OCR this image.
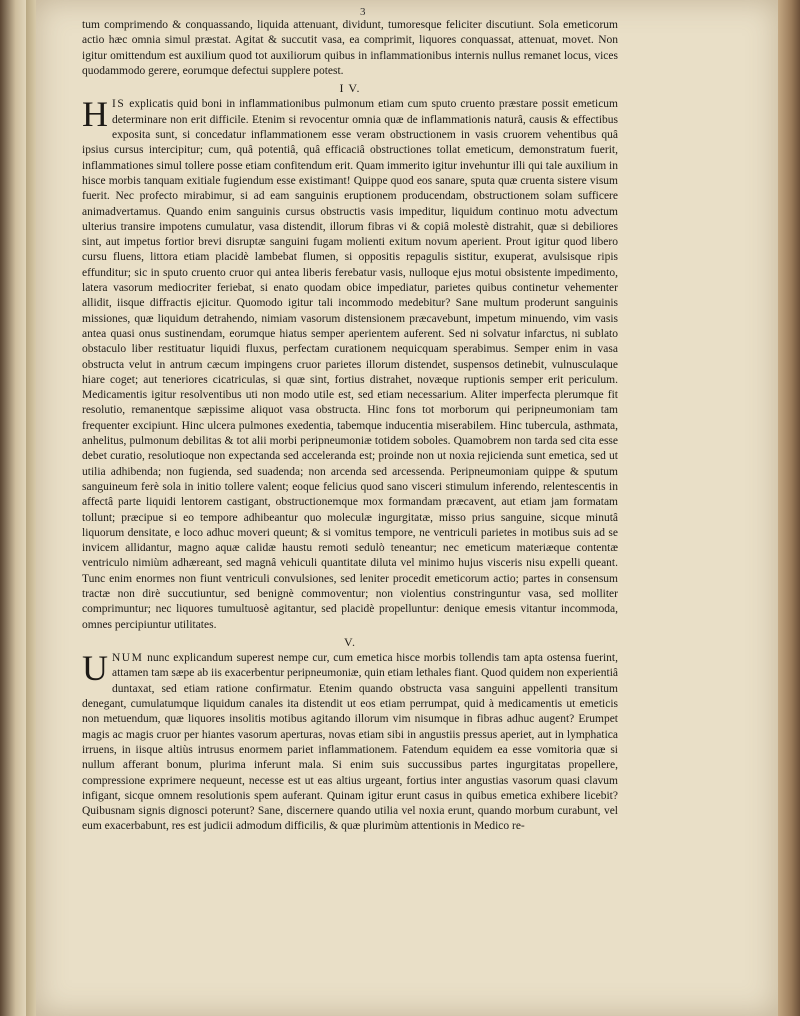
3

tum comprimendo & conquassando, liquida attenuant, dividunt, tumoresque feliciter discutiunt. Sola emeticorum actio hæc omnia simul præstat. Agitat & succutit vasa, ea comprimit, liquores conquassat, attenuat, movet. Non igitur omittendum est auxilium quod tot auxiliorum quibus in inflammationibus internis nullus remanet locus, vices quodammodo gerere, eorumque defectui supplere potest.

I V.

HIS explicatis quid boni in inflammationibus pulmonum etiam cum sputo cruento præstare possit emeticum determinare non erit difficile. Etenim si revocentur omnia quæ de inflammationis naturâ, causis & effectibus exposita sunt, si concedatur inflammationem esse veram obstructionem in vasis cruorem vehentibus quâ ipsius cursus intercipitur; cum, quâ potentiâ, quâ efficaciâ obstructiones tollat emeticum, demonstratum fuerit, inflammationes simul tollere posse etiam confitendum erit. Quam immerito igitur invehuntur illi qui tale auxilium in hisce morbis tanquam exitiale fugiendum esse existimant! Quippe quod eos sanare, sputa quæ cruenta sistere visum fuerit. Nec profecto mirabimur, si ad eam sanguinis eruptionem producendam, obstructionem solam sufficere animadvertamus. Quando enim sanguinis cursus obstructis vasis impeditur, liquidum continuo motu advectum ulterius transire impotens cumulatur, vasa distendit, illorum fibras vi & copiâ molestè distrahit, quæ si debiliores sint, aut impetus fortior brevi disruptæ sanguini fugam molienti exitum novum aperient. Prout igitur quod libero cursu fluens, littora etiam placidè lambebat flumen, si oppositis repagulis sistitur, exuperat, avulsisque ripis effunditur; sic in sputo cruento cruor qui antea liberis ferebatur vasis, nulloque ejus motui obsistente impedimento, latera vasorum mediocriter feriebat, si enato quodam obice impediatur, parietes quibus continetur vehementer allidit, iisque diffractis ejicitur. Quomodo igitur tali incommodo medebitur? Sane multum proderunt sanguinis missiones, quæ liquidum detrahendo, nimiam vasorum distensionem præcavebunt, impetum minuendo, vim vasis antea quasi onus sustinendam, eorumque hiatus semper aperientem auferent. Sed ni solvatur infarctus, ni sublato obstaculo liber restituatur liquidi fluxus, perfectam curationem nequicquam sperabimus. Semper enim in vasa obstructa velut in antrum cæcum impingens cruor parietes illorum distendet, suspensos detinebit, vulnusculaque hiare coget; aut teneriores cicatriculas, si quæ sint, fortius distrahet, novæque ruptionis semper erit periculum. Medicamentis igitur resolventibus uti non modo utile est, sed etiam necessarium. Aliter imperfecta plerumque fit resolutio, remanentque sæpissime aliquot vasa obstructa. Hinc fons tot morborum qui peripneumoniam tam frequenter excipiunt. Hinc ulcera pulmones exedentia, tabemque inducentia miserabilem. Hinc tubercula, asthmata, anhelitus, pulmonum debilitas & tot alii morbi peripneumoniæ totidem soboles. Quamobrem non tarda sed cita esse debet curatio, resolutioque non expectanda sed acceleranda est; proinde non ut noxia rejicienda sunt emetica, sed ut utilia adhibenda; non fugienda, sed suadenda; non arcenda sed arcessenda. Peripneumoniam quippe & sputum sanguineum ferè sola in initio tollere valent; eoque felicius quod sano visceri stimulum inferendo, relentescentis in affectâ parte liquidi lentorem castigant, obstructionemque mox formandam præcavent, aut etiam jam formatam tollunt; præcipue si eo tempore adhibeantur quo moleculæ ingurgitatæ, misso prius sanguine, sicque minutâ liquorum densitate, e loco adhuc moveri queunt; & si vomitus tempore, ne ventriculi parietes in motibus suis ad se invicem allidantur, magno aquæ calidæ haustu remoti sedulò teneantur; nec emeticum materiæque contentæ ventriculo nimiùm adhæreant, sed magnâ vehiculi quantitate diluta vel minimo hujus visceris nisu expelli queant. Tunc enim enormes non fiunt ventriculi convulsiones, sed leniter procedit emeticorum actio; partes in consensum tractæ non dirè succutiuntur, sed benignè commoventur; non violentius constringuntur vasa, sed molliter comprimuntur; nec liquores tumultuosè agitantur, sed placidè propelluntur: denique emesis vitantur incommoda, omnes percipiuntur utilitates.

V.

UNUM nunc explicandum superest nempe cur, cum emetica hisce morbis tollendis tam apta ostensa fuerint, attamen tam sæpe ab iis exacerbentur peripneumoniæ, quin etiam lethales fiant. Quod quidem non experientiâ duntaxat, sed etiam ratione confirmatur. Etenim quando obstructa vasa sanguini appellenti transitum denegant, cumulatumque liquidum canales ita distendit ut eos etiam perrumpat, quid à medicamentis ut emeticis non metuendum, quæ liquores insolitis motibus agitando illorum vim nisumque in fibras adhuc augent? Erumpet magis ac magis cruor per hiantes vasorum aperturas, novas etiam sibi in angustiis pressus aperiet, aut in lymphatica irruens, in iisque altiùs intrusus enormem pariet inflammationem. Fatendum equidem ea esse vomitoria quæ si nullum afferant bonum, plurima inferunt mala. Si enim suis succussibus partes ingurgitatas propellere, compressione exprimere nequeunt, necesse est ut eas altius urgeant, fortius inter angustias vasorum quasi clavum infigant, sicque omnem resolutionis spem auferant. Quinam igitur erunt casus in quibus emetica exhibere licebit? Quibusnam signis dignosci poterunt? Sane, discernere quando utilia vel noxia erunt, quando morbum curabunt, vel eum exacerbabunt, res est judicii admodum difficilis, & quæ plurimùm attentionis in Medico re-
